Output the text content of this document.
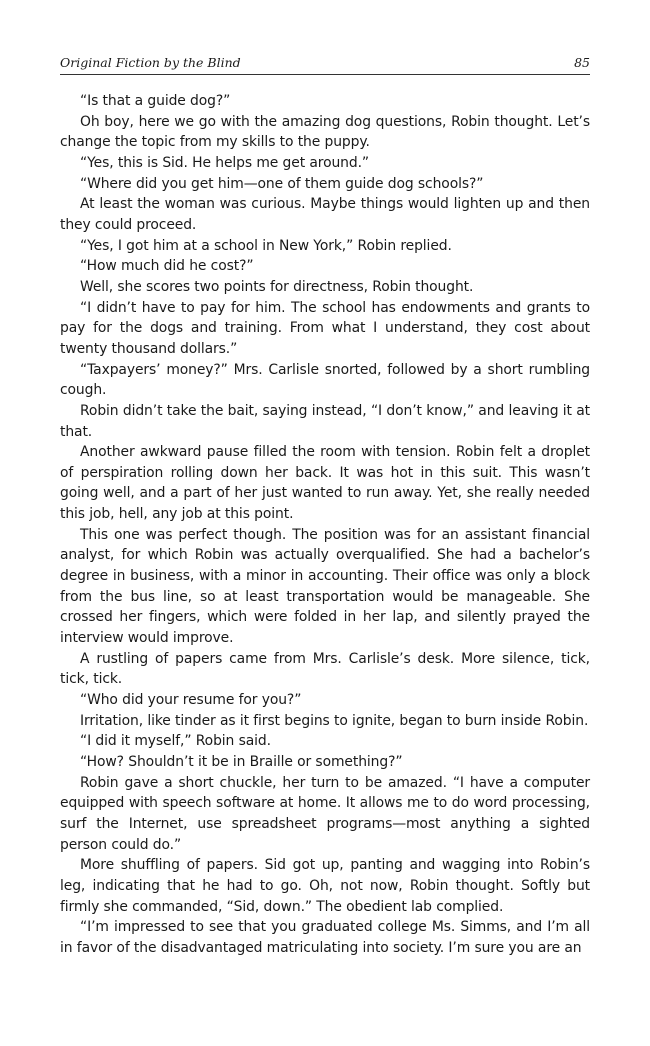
Original Fiction by the Blind	85

“Is that a guide dog?”

Oh boy, here we go with the amazing dog questions, Robin thought. Let’s change the topic from my skills to the puppy.

“Yes, this is Sid. He helps me get around.”

“Where did you get him—one of them guide dog schools?”

At least the woman was curious. Maybe things would lighten up and then they could proceed.

“Yes, I got him at a school in New York,” Robin replied.

“How much did he cost?”

Well, she scores two points for directness, Robin thought.

“I didn’t have to pay for him. The school has endowments and grants to pay for the dogs and training. From what I understand, they cost about twenty thousand dollars.”

“Taxpayers’ money?” Mrs. Carlisle snorted, followed by a short rumbling cough.

Robin didn’t take the bait, saying instead, “I don’t know,” and leaving it at that.

Another awkward pause filled the room with tension. Robin felt a droplet of perspiration rolling down her back. It was hot in this suit. This wasn’t going well, and a part of her just wanted to run away. Yet, she really needed this job, hell, any job at this point.

This one was perfect though. The position was for an assistant financial analyst, for which Robin was actually overqualified. She had a bachelor’s degree in business, with a minor in accounting. Their office was only a block from the bus line, so at least transportation would be manageable. She crossed her fingers, which were folded in her lap, and silently prayed the interview would improve.

A rustling of papers came from Mrs. Carlisle’s desk. More silence, tick, tick, tick.

“Who did your resume for you?”

Irritation, like tinder as it first begins to ignite, began to burn inside Robin.

“I did it myself,” Robin said.

“How? Shouldn’t it be in Braille or something?”

Robin gave a short chuckle, her turn to be amazed. “I have a computer equipped with speech software at home. It allows me to do word processing, surf the Internet, use spreadsheet programs—most anything a sighted person could do.”

More shuffling of papers. Sid got up, panting and wagging into Robin’s leg, indicating that he had to go. Oh, not now, Robin thought. Softly but firmly she commanded, “Sid, down.” The obedient lab complied.

“I’m impressed to see that you graduated college Ms. Simms, and I’m all in favor of the disadvantaged matriculating into society. I’m sure you are an
